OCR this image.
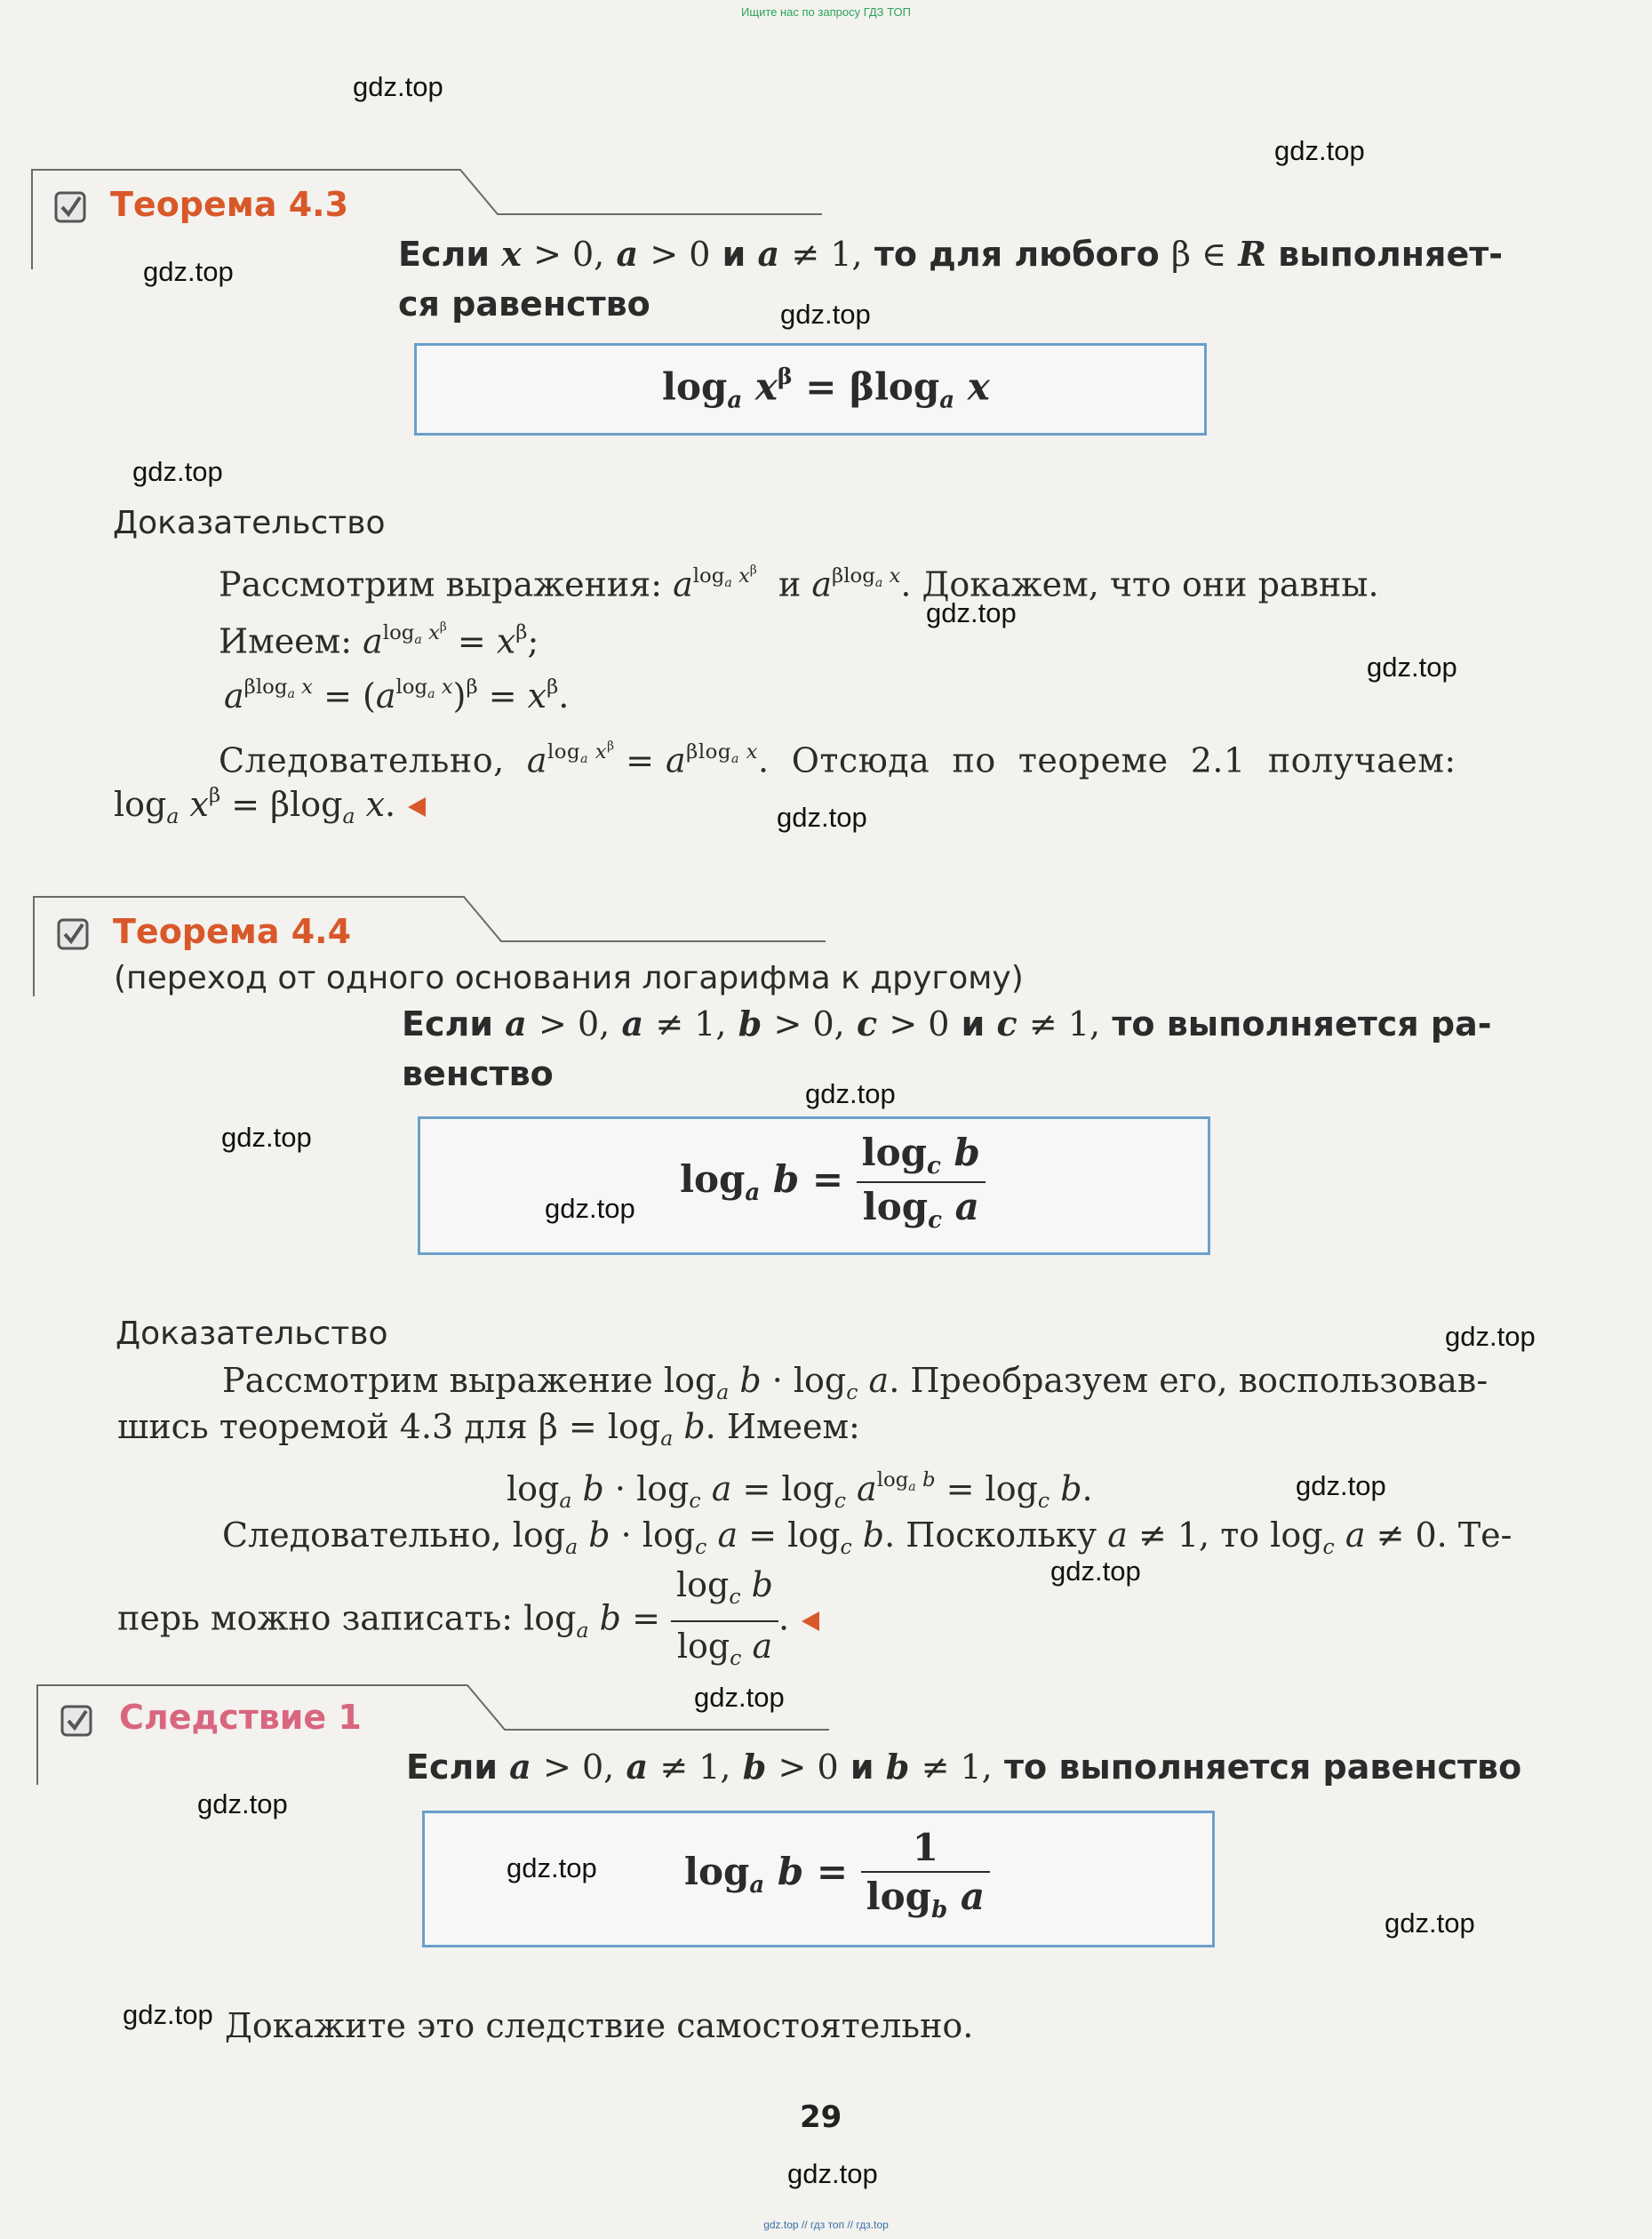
Ищите нас по запросу ГДЗ ТОП
gdz.top // гдз топ // гдз.top
Теорема 4.3
Если x > 0, a > 0 и a ≠ 1, то для любого β ∈ R выполняет-
ся равенство
$\log_a x^\beta = \beta\log_a$ x
Доказательство
Рассмотрим выражения: $a^{log_a x^\beta}$  и $a^{\beta log_a x}$. Докажем, что они равны.
Имеем: $a^{log_a x^\beta} = x^\beta$;
$a^{\beta log_a x} = (a^{log_a x})^\beta = x^\beta$.
Следовательно,  $a^{log_a x^\beta} = a^{\beta log_a x}$.  Отсюда  по  теореме  2.1  получаем:
$\log_a x^\beta = \beta\log_a$ x.
Теорема 4.4
(переход от одного основания логарифма к другому)
Если a > 0, a ≠ 1, b > 0, c > 0 и c ≠ 1, то выполняется ра-
венство
$\log_a b = \frac{\log_c b}{\log_c a}$
Доказательство
Рассмотрим выражение $\log_a b \cdot \log_c a$. Преобразуем его, воспользовав-
шись теоремой 4.3 для $\beta = \log_a b$. Имеем:
$\log_a b \cdot \log_c a = \log_c a^{log_a b} = \log_c b$.
Следовательно, $\log_a b \cdot \log_c a = \log_c b$. Поскольку a ≠ 1, то $\log_c a \ne 0$. Те-
перь можно записать: $\log_a b = \frac{\log_c b}{\log_c a}$ .
Следствие 1
Если a > 0, a ≠ 1, b > 0 и b ≠ 1, то выполняется равенство
$\log_a b = \frac{1}{\log_b a}$
Докажите это следствие самостоятельно.
29
gdz.top
gdz.top
gdz.top
gdz.top
gdz.top
gdz.top
gdz.top
gdz.top
gdz.top
gdz.top
gdz.top
gdz.top
gdz.top
gdz.top
gdz.top
gdz.top
gdz.top
gdz.top
gdz.top
gdz.top
